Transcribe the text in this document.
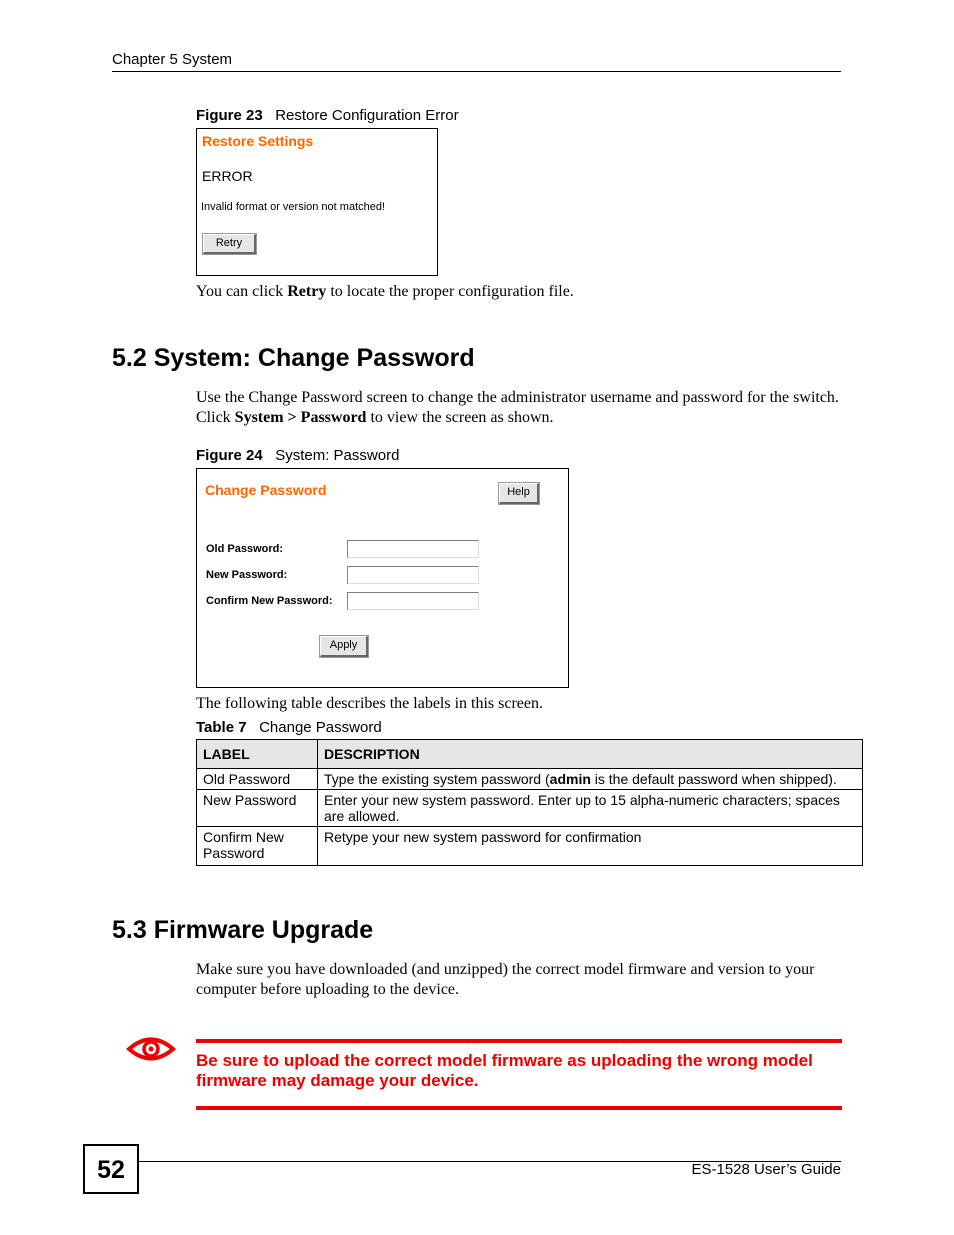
Chapter 5 System
Figure 23 Restore Configuration Error
Restore Settings
ERROR
Invalid format or version not matched!
Retry
You can click Retry to locate the proper configuration file.
5.2 System: Change Password
Use the Change Password screen to change the administrator username and password for the switch. Click System > Password to view the screen as shown.
Figure 24 System: Password
Change Password	Help
Old Password:
New Password:
Confirm New Password:
Apply
The following table describes the labels in this screen.
Table 7 Change Password
LABEL	DESCRIPTION
Old Password	Type the existing system password (admin is the default password when shipped).
New Password	Enter your new system password. Enter up to 15 alpha-numeric characters; spaces are allowed.
Confirm New Password	Retype your new system password for confirmation
5.3 Firmware Upgrade
Make sure you have downloaded (and unzipped) the correct model firmware and version to your computer before uploading to the device.
Be sure to upload the correct model firmware as uploading the wrong model firmware may damage your device.
52	ES-1528 User’s Guide
